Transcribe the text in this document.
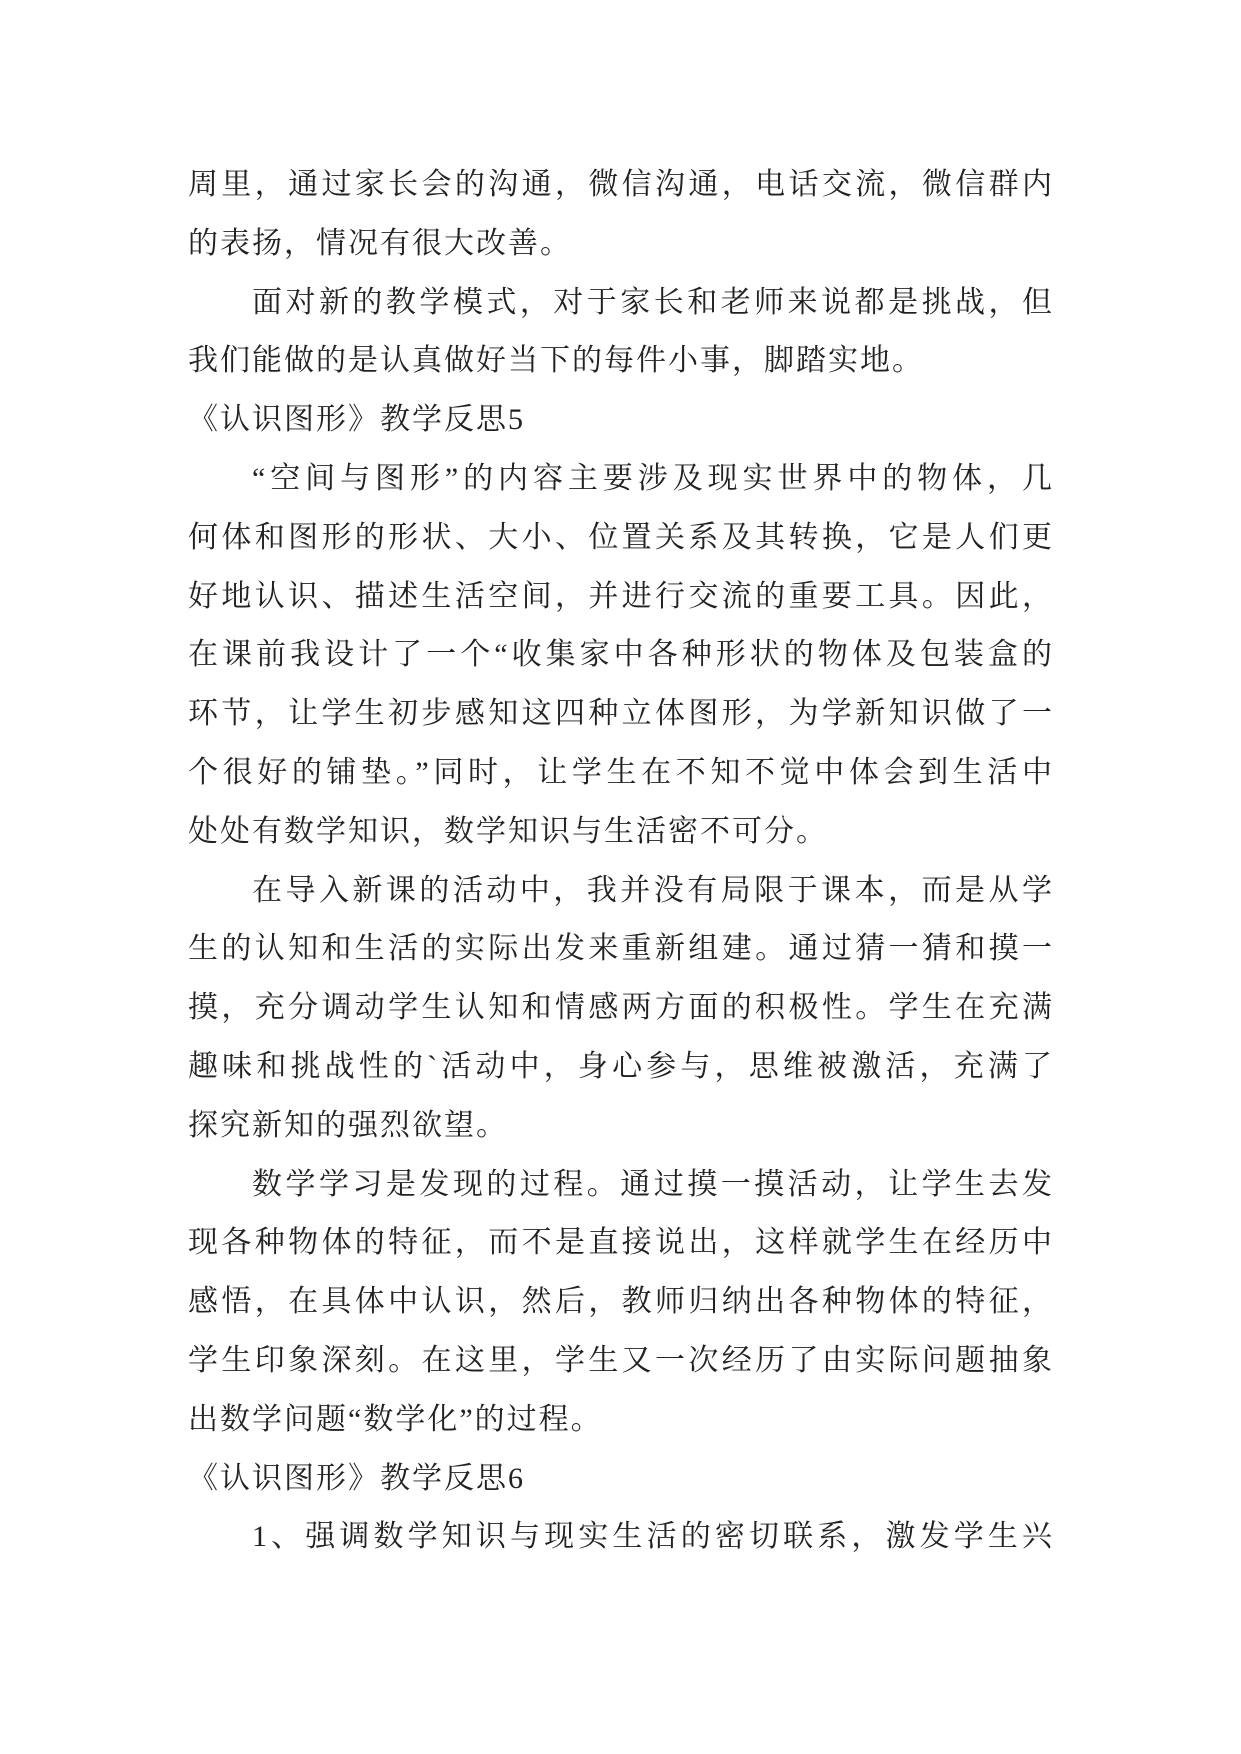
周里，通过家长会的沟通，微信沟通，电话交流，微信群内
的表扬，情况有很大改善。
面对新的教学模式，对于家长和老师来说都是挑战，但
我们能做的是认真做好当下的每件小事，脚踏实地。
《认识图形》教学反思5
“空间与图形”的内容主要涉及现实世界中的物体，几
何体和图形的形状、大小、位置关系及其转换，它是人们更
好地认识、描述生活空间，并进行交流的重要工具。因此，
在课前我设计了一个“收集家中各种形状的物体及包装盒的
环节，让学生初步感知这四种立体图形，为学新知识做了一
个很好的铺垫。”同时，让学生在不知不觉中体会到生活中
处处有数学知识，数学知识与生活密不可分。
在导入新课的活动中，我并没有局限于课本，而是从学
生的认知和生活的实际出发来重新组建。通过猜一猜和摸一
摸，充分调动学生认知和情感两方面的积极性。学生在充满
趣味和挑战性的`活动中，身心参与，思维被激活，充满了
探究新知的强烈欲望。
数学学习是发现的过程。通过摸一摸活动，让学生去发
现各种物体的特征，而不是直接说出，这样就学生在经历中
感悟，在具体中认识，然后，教师归纳出各种物体的特征，
学生印象深刻。在这里，学生又一次经历了由实际问题抽象
出数学问题“数学化”的过程。
《认识图形》教学反思6
1、强调数学知识与现实生活的密切联系，激发学生兴
